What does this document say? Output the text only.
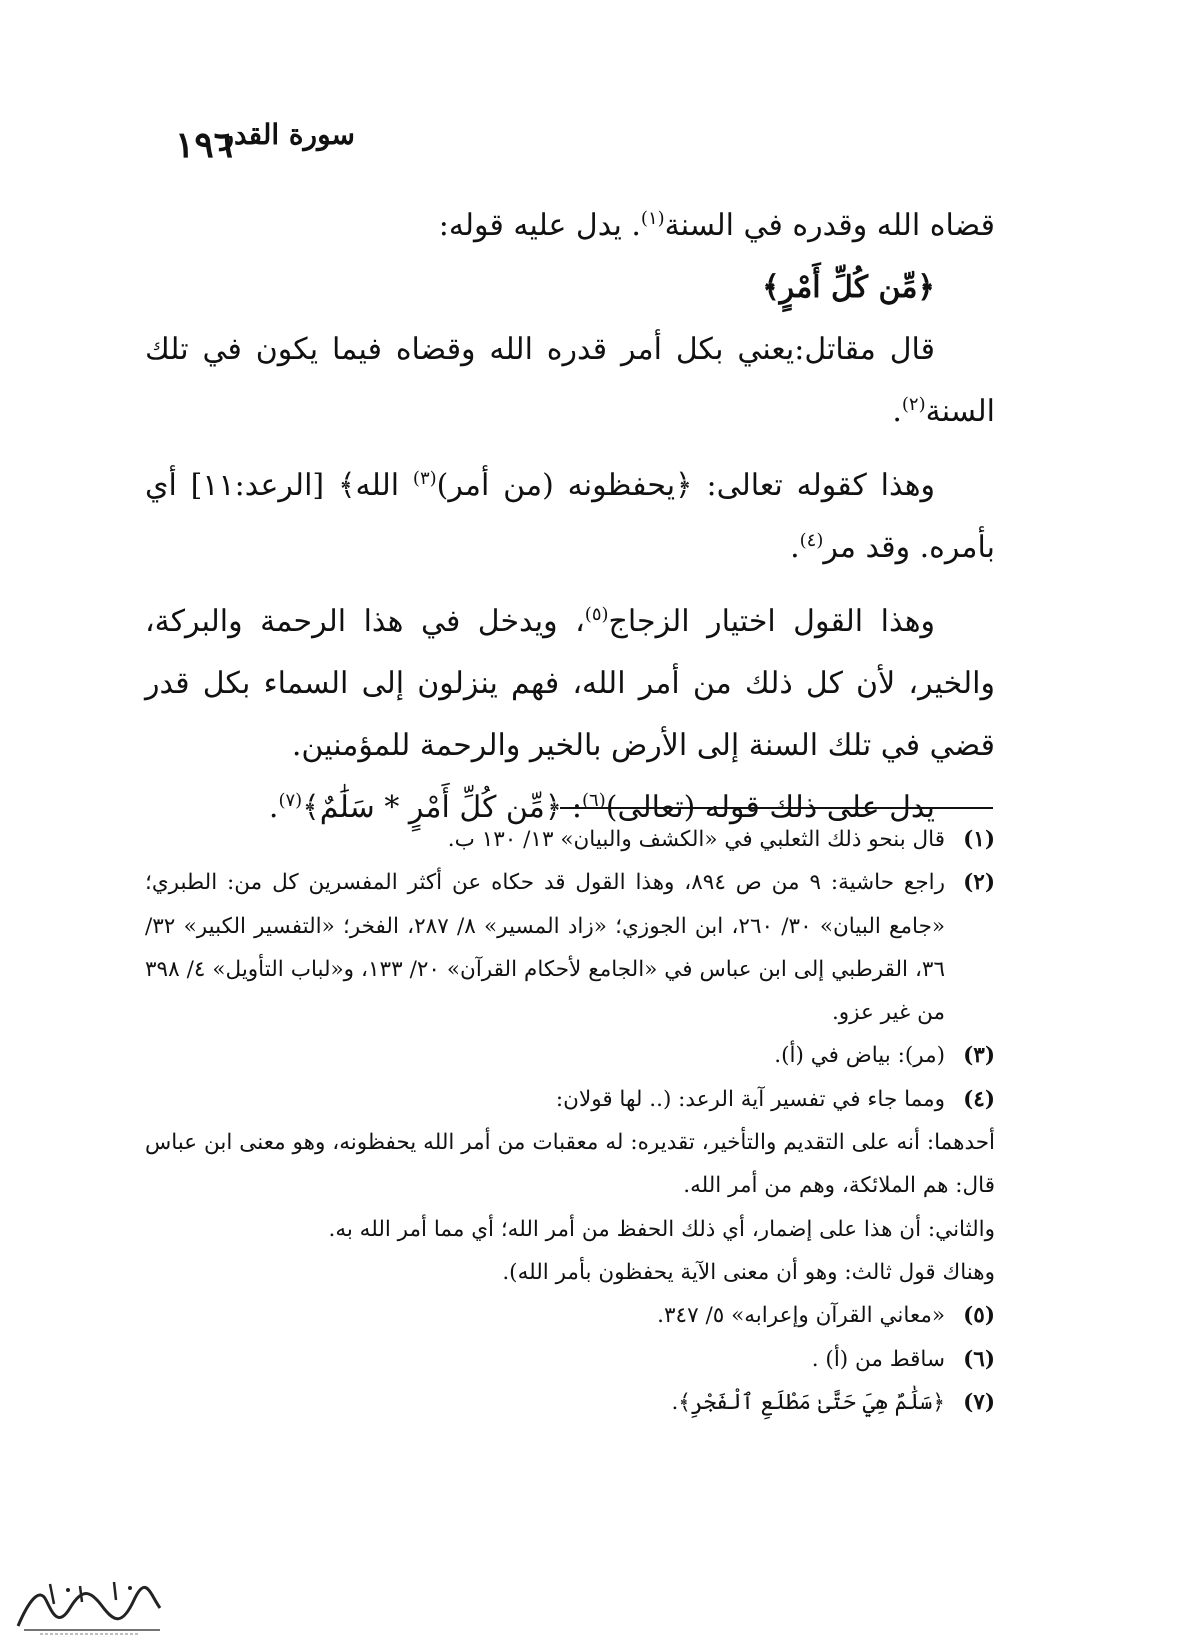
١٩٦
سورة القدر

قضاه الله وقدره في السنة$^{(١)}$. يدل عليه قوله:

﴿مِّن كُلِّ أَمْرٍ﴾

قال مقاتل:يعني بكل أمر قدره الله وقضاه فيما يكون في تلك السنة$^{(٢)}$.

وهذا كقوله تعالى: ﴿يحفظونه (من أمر)$^{(٣)}$ الله﴾ [الرعد:١١] أي بأمره. وقد مر$^{(٤)}$.

وهذا القول اختيار الزجاج$^{(٥)}$، ويدخل في هذا الرحمة والبركة، والخير، لأن كل ذلك من أمر الله، فهم ينزلون إلى السماء بكل قدر قضي في تلك السنة إلى الأرض بالخير والرحمة للمؤمنين.

يدل على ذلك قوله (تعالى)$^{(٦)}$: ﴿مِّن كُلِّ أَمْرٍ * سَلَٰمٌ﴾$^{(٧)}$.

(١)
قال بنحو ذلك الثعلبي في «الكشف والبيان» ١٣/ ١٣٠ ب.
(٢)
راجع حاشية: ٩ من ص ٨٩٤، وهذا القول قد حكاه عن أكثر المفسرين كل من: الطبري؛ «جامع البيان» ٣٠/ ٢٦٠، ابن الجوزي؛ «زاد المسير» ٨/ ٢٨٧، الفخر؛ «التفسير الكبير» ٣٢/ ٣٦، القرطبي إلى ابن عباس في «الجامع لأحكام القرآن» ٢٠/ ١٣٣، و«لباب التأويل» ٤/ ٣٩٨ من غير عزو.
(٣)
(مر): بياض في (أ).
(٤)
ومما جاء في تفسير آية الرعد: (.. لها قولان:

أحدهما: أنه على التقديم والتأخير، تقديره: له معقبات من أمر الله يحفظونه، وهو معنى ابن عباس قال: هم الملائكة، وهم من أمر الله.

والثاني: أن هذا على إضمار، أي ذلك الحفظ من أمر الله؛ أي مما أمر الله به.

وهناك قول ثالث: وهو أن معنى الآية يحفظون بأمر الله).

(٥)
«معاني القرآن وإعرابه» ٥/ ٣٤٧.
(٦)
ساقط من (أ) .
(٧)
﴿سَلَٰمٌ هِيَ حَتَّىٰ مَطْلَعِ ٱلْفَجْرِ﴾.
